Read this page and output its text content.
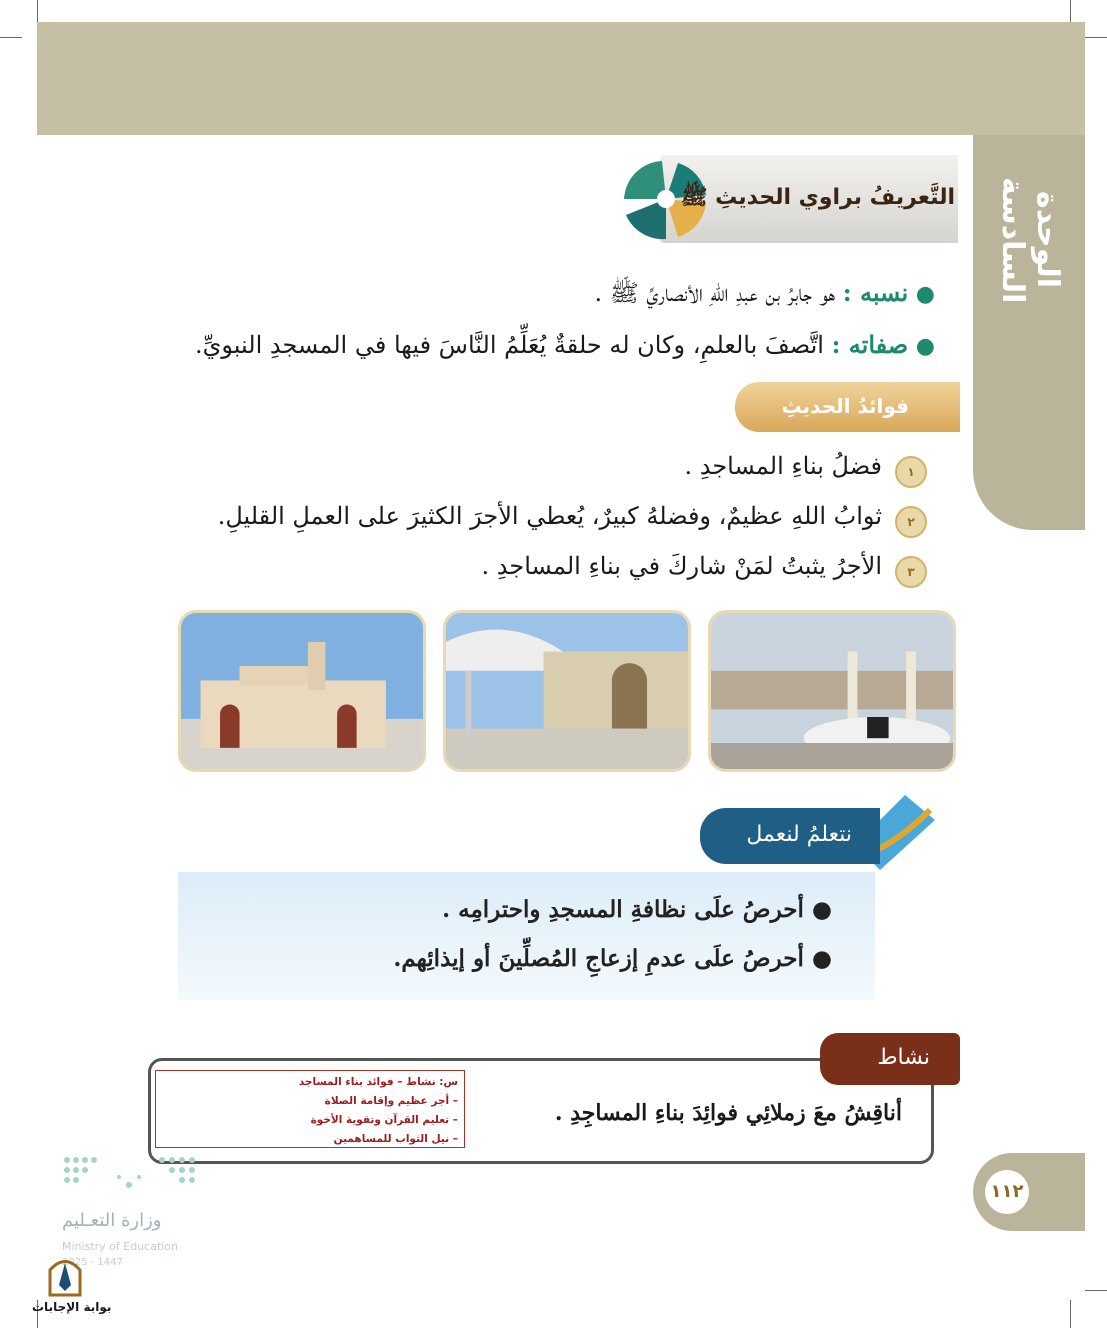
الوحدة السادسة
التَّعريفُ براوي الحديثِ ﷺ
● نسبه : هو جابرُ بن عبدِ اللهِ الأنصاريِّ ﷺ .
● صفاته : اتَّصفَ بالعلمِ، وكان له حلقةٌ يُعَلِّمُ النَّاسَ فيها في المسجدِ النبويِّ.
فوائدُ الحديثِ
١
فضلُ بناءِ المساجدِ .
٢
ثوابُ اللهِ عظيمٌ، وفضلهُ كبيرٌ، يُعطي الأجرَ الكثيرَ على العملِ القليلِ.
٣
الأجرُ يثبتُ لمَنْ شاركَ في بناءِ المساجدِ .
نتعلمُ لنعمل
● أحرصُ علَى نظافةِ المسجدِ واحترامِه .
● أحرصُ علَى عدمِ إزعاجِ المُصلِّينَ أو إيذائِهم.
?
نشاط
أناقِشُ معَ زملائِي فوائِدَ بناءِ المساجِدِ .
س: نشاط – فوائد بناء المساجد
– أجر عظيم وإقامة الصلاة
– تعليم القرآن وتقوية الأخوة
– نيل الثواب للمساهمين
١١٢
وزارة التعـليم
Ministry of Education
2025 - 1447
بوابة الإجابات
